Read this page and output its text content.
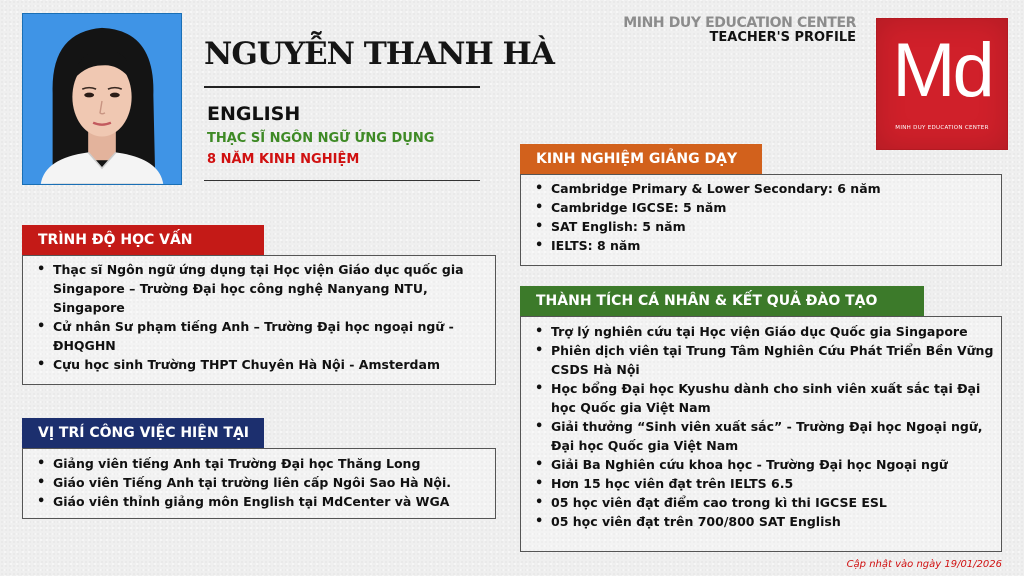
NGUYỄN THANH HÀ
ENGLISH
THẠC SĨ NGÔN NGỮ ỨNG DỤNG
8 NĂM KINH NGHIỆM
MINH DUY EDUCATION CENTER
TEACHER'S PROFILE Md
MINH DUY EDUCATION CENTER
TRÌNH ĐỘ HỌC VẤN
• Thạc sĩ Ngôn ngữ ứng dụng tại Học viện Giáo dục quốc gia Singapore – Trường Đại học công nghệ Nanyang NTU, Singapore
• Cử nhân Sư phạm tiếng Anh – Trường Đại học ngoại ngữ - ĐHQGHN
• Cựu học sinh Trường THPT Chuyên Hà Nội - Amsterdam
VỊ TRÍ CÔNG VIỆC HIỆN TẠI
• Giảng viên tiếng Anh tại Trường Đại học Thăng Long
• Giáo viên Tiếng Anh tại trường liên cấp Ngôi Sao Hà Nội.
• Giáo viên thỉnh giảng môn English tại MdCenter và WGA
KINH NGHIỆM GIẢNG DẠY
• Cambridge Primary & Lower Secondary: 6 năm
• Cambridge IGCSE: 5 năm
• SAT English: 5 năm
• IELTS: 8 năm
THÀNH TÍCH CÁ NHÂN & KẾT QUẢ ĐÀO TẠO
• Trợ lý nghiên cứu tại Học viện Giáo dục Quốc gia Singapore
• Phiên dịch viên tại Trung Tâm Nghiên Cứu Phát Triển Bền Vững CSDS Hà Nội
• Học bổng Đại học Kyushu dành cho sinh viên xuất sắc tại Đại học Quốc gia Việt Nam
• Giải thưởng “Sinh viên xuất sắc” - Trường Đại học Ngoại ngữ, Đại học Quốc gia Việt Nam
• Giải Ba Nghiên cứu khoa học - Trường Đại học Ngoại ngữ
• Hơn 15 học viên đạt trên IELTS 6.5
• 05 học viên đạt điểm cao trong kì thi IGCSE ESL
• 05 học viên đạt trên 700/800 SAT English
Cập nhật vào ngày 19/01/2026
